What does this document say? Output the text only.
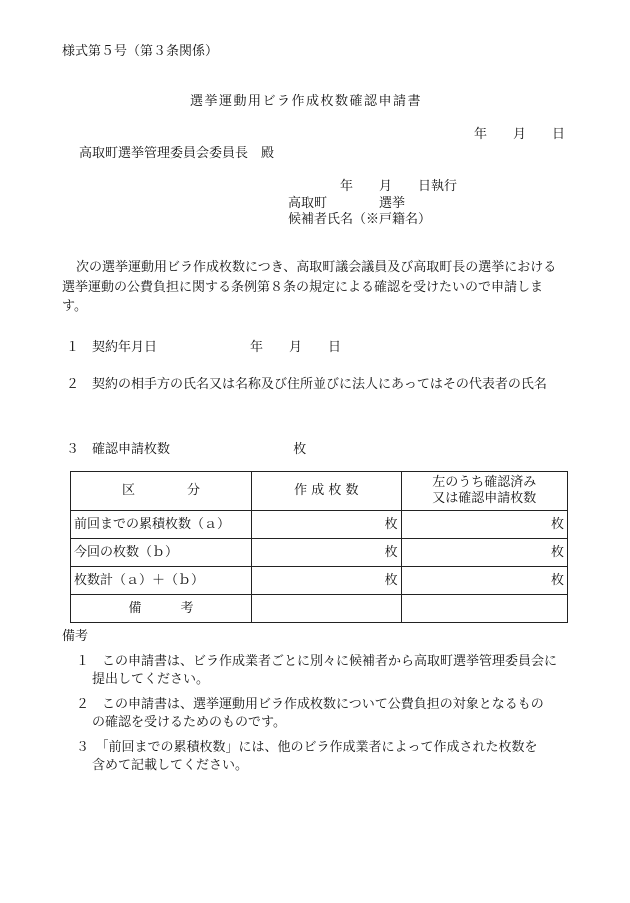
様式第５号（第３条関係）
選挙運動用ビラ作成枚数確認申請書
年　　月　　日
高取町選挙管理委員会委員長　殿
年　　月　　日執行
高取町　　　　選挙
候補者氏名（※戸籍名）
次の選挙運動用ビラ作成枚数につき、高取町議会議員及び高取町長の選挙における
選挙運動の公費負担に関する条例第８条の規定による確認を受けたいので申請しま
す。
１　契約年月日	年　　月　　日
２　契約の相手方の氏名又は名称及び住所並びに法人にあってはその代表者の氏名
３　確認申請枚数	枚
区　　　　分	作 成 枚 数	左のうち確認済み
又は確認申請枚数

前回までの累積枚数（ａ）	枚	枚
今回の枚数（ｂ）	枚	枚
枚数計（ａ）＋（ｂ）	枚	枚
備　　　考		
備考
１　この申請書は、ビラ作成業者ごとに別々に候補者から高取町選挙管理委員会に
提出してください。
２　この申請書は、選挙運動用ビラ作成枚数について公費負担の対象となるもの
の確認を受けるためのものです。
３　「前回までの累積枚数」には、他のビラ作成業者によって作成された枚数を
含めて記載してください。
